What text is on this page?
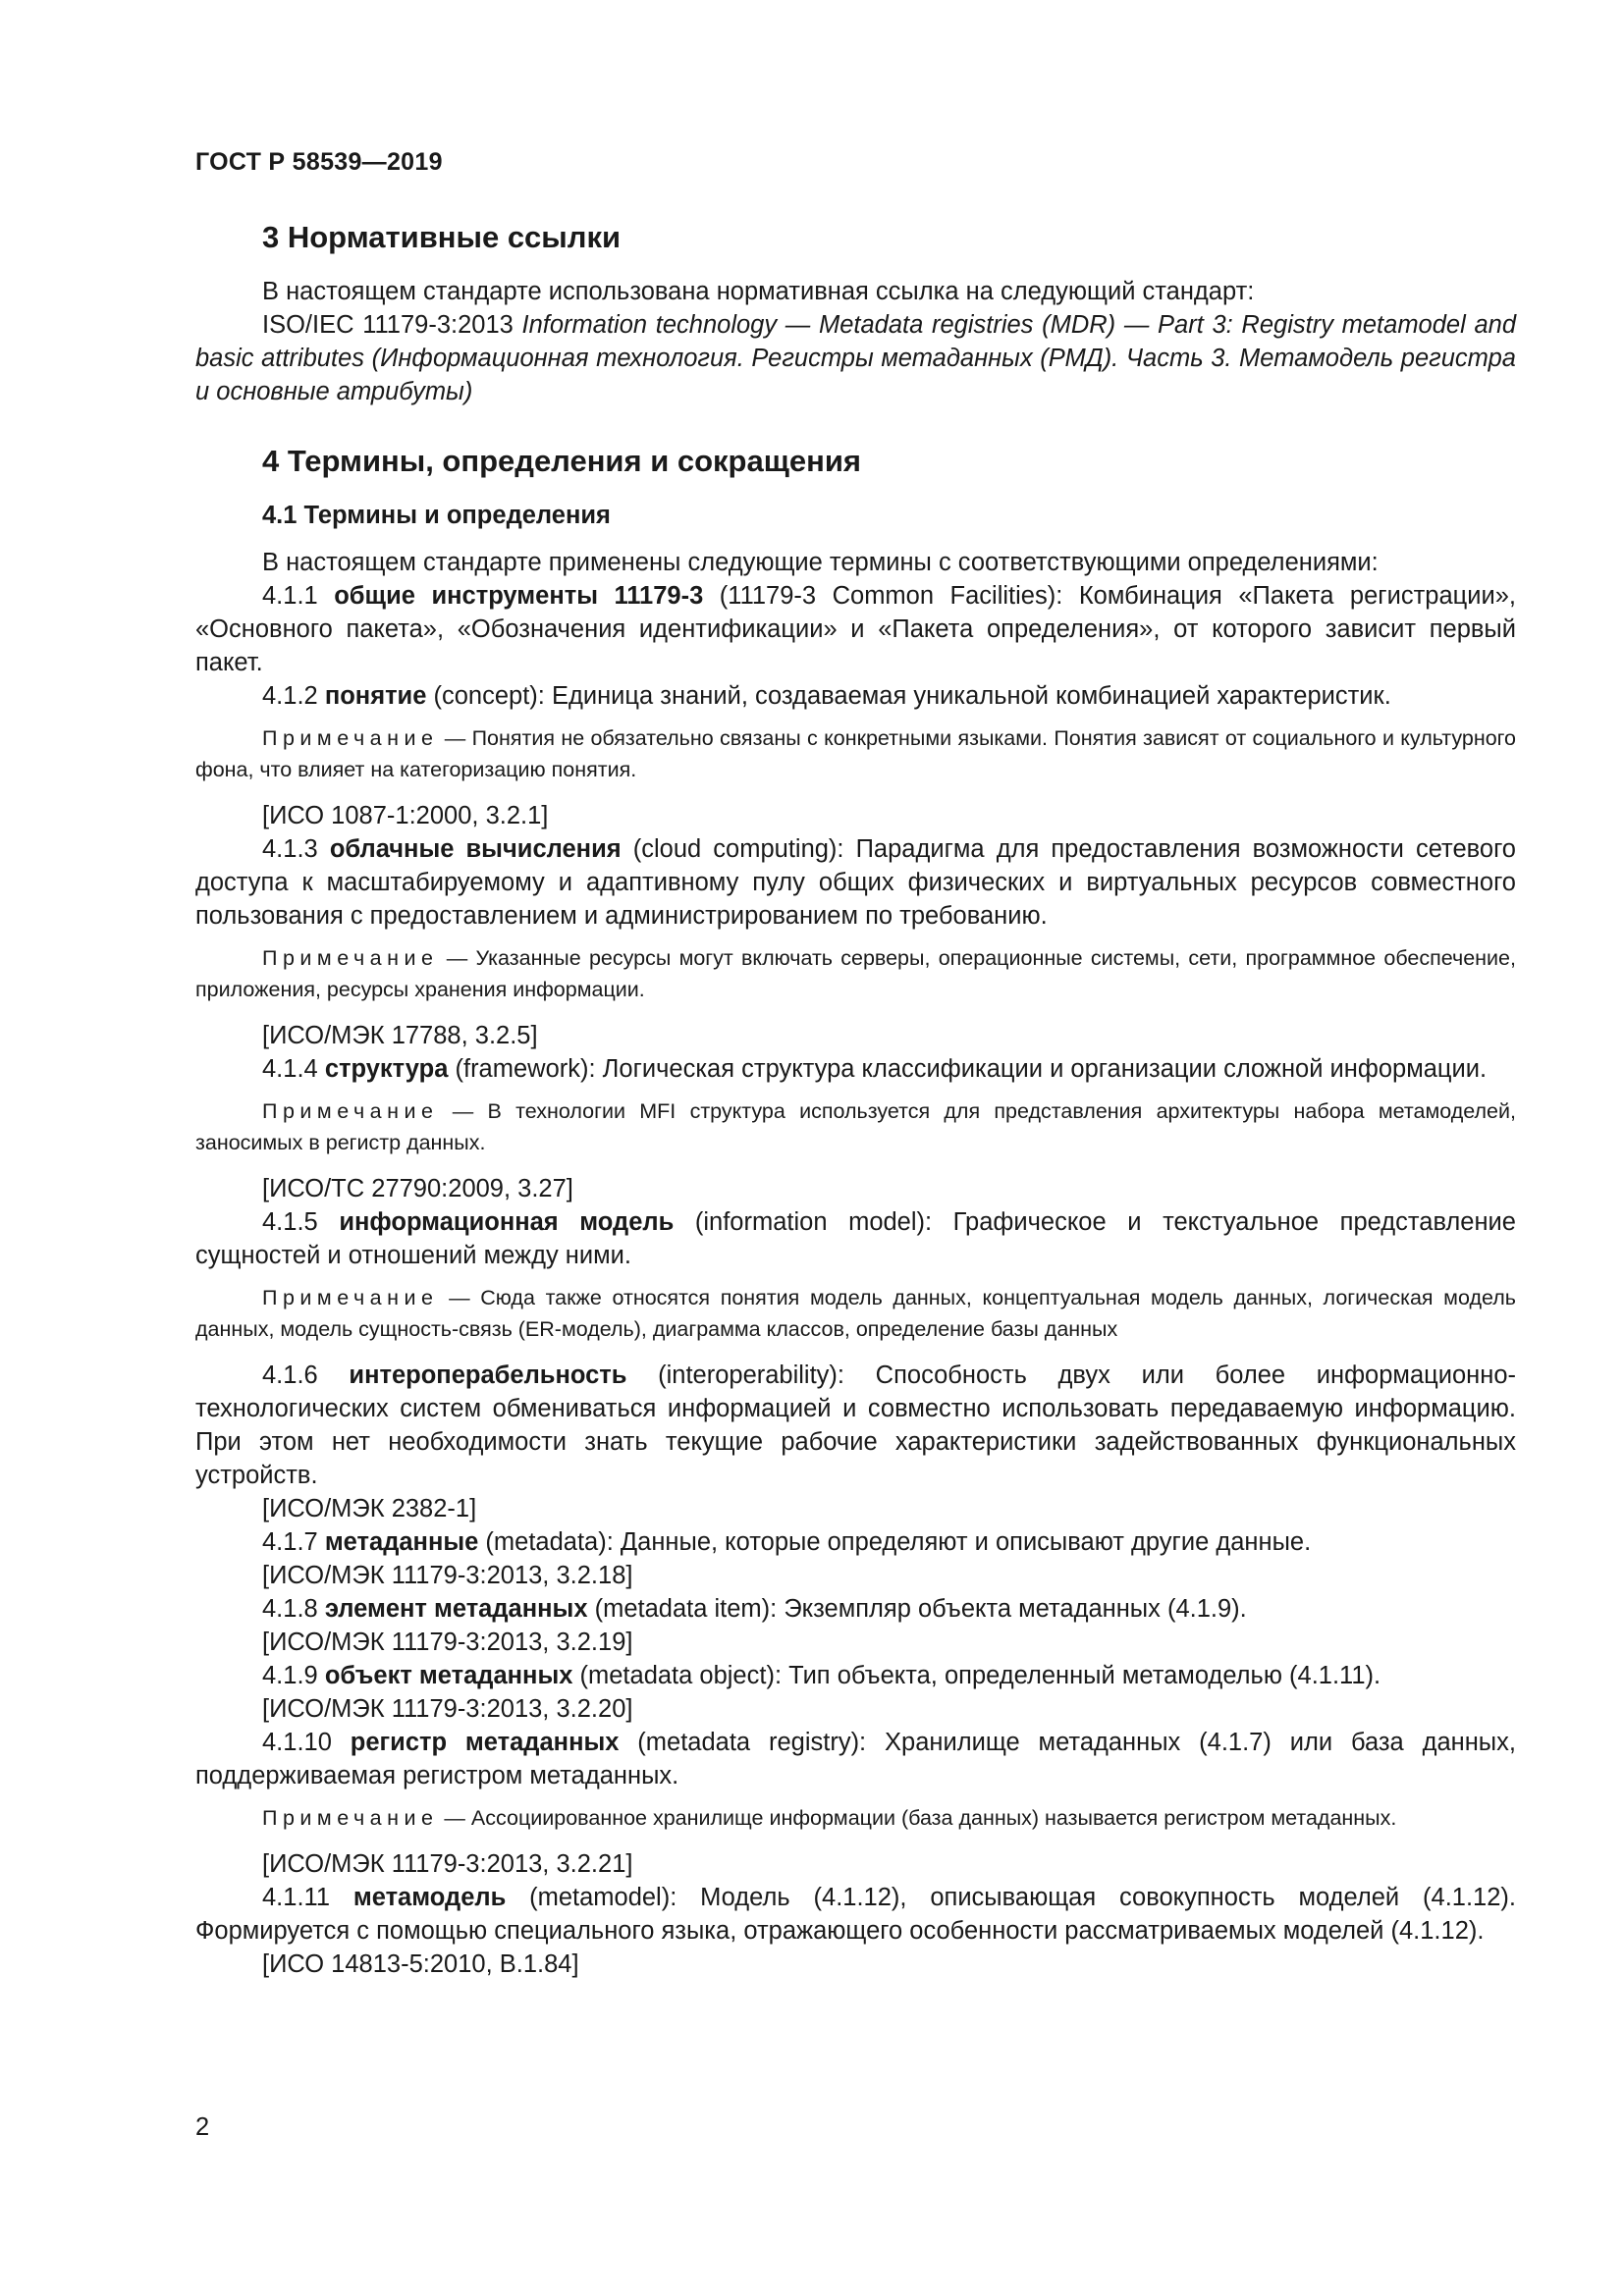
ГОСТ Р 58539—2019
3 Нормативные ссылки

В настоящем стандарте использована нормативная ссылка на следующий стандарт:

ISO/IEC 11179-3:2013 Information technology — Metadata registries (MDR) — Part 3: Registry metamodel and basic attributes (Информационная технология. Регистры метаданных (РМД). Часть 3. Метамодель регистра и основные атрибуты)

4 Термины, определения и сокращения
4.1 Термины и определения

В настоящем стандарте применены следующие термины с соответствующими определениями:

4.1.1 общие инструменты 11179-3 (11179-3 Common Facilities): Комбинация «Пакета регистрации», «Основного пакета», «Обозначения идентификации» и «Пакета определения», от которого зависит первый пакет.

4.1.2 понятие (concept): Единица знаний, создаваемая уникальной комбинацией характеристик.

Примечание — Понятия не обязательно связаны с конкретными языками. Понятия зависят от социального и культурного фона, что влияет на категоризацию понятия.

[ИСО 1087-1:2000, 3.2.1]

4.1.3 облачные вычисления (cloud computing): Парадигма для предоставления возможности сетевого доступа к масштабируемому и адаптивному пулу общих физических и виртуальных ресурсов совместного пользования с предоставлением и администрированием по требованию.

Примечание — Указанные ресурсы могут включать серверы, операционные системы, сети, программное обеспечение, приложения, ресурсы хранения информации.

[ИСО/МЭК 17788, 3.2.5]

4.1.4 структура (framework): Логическая структура классификации и организации сложной информации.

Примечание — В технологии MFI структура используется для представления архитектуры набора метамоделей, заносимых в регистр данных.

[ИСО/ТС 27790:2009, 3.27]

4.1.5 информационная модель (information model): Графическое и текстуальное представление сущностей и отношений между ними.

Примечание — Сюда также относятся понятия модель данных, концептуальная модель данных, логическая модель данных, модель сущность-связь (ER-модель), диаграмма классов, определение базы данных

4.1.6 интероперабельность (interoperability): Способность двух или более информационно-технологических систем обмениваться информацией и совместно использовать передаваемую информацию. При этом нет необходимости знать текущие рабочие характеристики задействованных функциональных устройств.

[ИСО/МЭК 2382-1]

4.1.7 метаданные (metadata): Данные, которые определяют и описывают другие данные.

[ИСО/МЭК 11179-3:2013, 3.2.18]

4.1.8 элемент метаданных (metadata item): Экземпляр объекта метаданных (4.1.9).

[ИСО/МЭК 11179-3:2013, 3.2.19]

4.1.9 объект метаданных (metadata object): Тип объекта, определенный метамоделью (4.1.11).

[ИСО/МЭК 11179-3:2013, 3.2.20]

4.1.10 регистр метаданных (metadata registry): Хранилище метаданных (4.1.7) или база данных, поддерживаемая регистром метаданных.

Примечание — Ассоциированное хранилище информации (база данных) называется регистром метаданных.

[ИСО/МЭК 11179-3:2013, 3.2.21]

4.1.11 метамодель (metamodel): Модель (4.1.12), описывающая совокупность моделей (4.1.12). Формируется с помощью специального языка, отражающего особенности рассматриваемых моделей (4.1.12).

[ИСО 14813-5:2010, B.1.84]

2
